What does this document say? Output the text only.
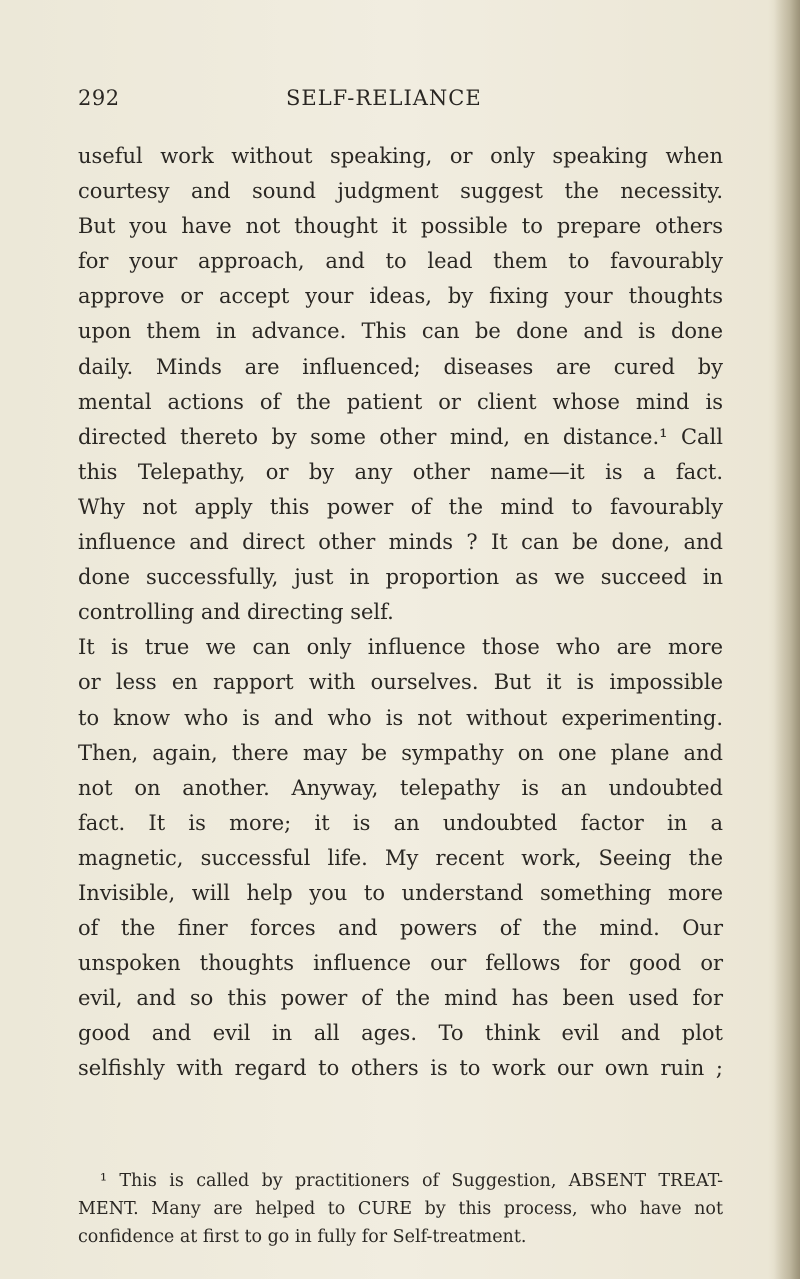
292	SELF-RELIANCE
useful work without speaking, or only speaking when
courtesy and sound judgment suggest the necessity.
But you have not thought it possible to prepare others
for your approach, and to lead them to favourably
approve or accept your ideas, by fixing your thoughts
upon them in advance. This can be done and is done
daily. Minds are influenced; diseases are cured by
mental actions of the patient or client whose mind is
directed thereto by some other mind, en distance.¹ Call
this Telepathy, or by any other name—it is a fact.
Why not apply this power of the mind to favourably
influence and direct other minds ? It can be done, and
done successfully, just in proportion as we succeed in
controlling and directing self.
It is true we can only influence those who are more
or less en rapport with ourselves. But it is impossible
to know who is and who is not without experimenting.
Then, again, there may be sympathy on one plane and
not on another. Anyway, telepathy is an undoubted
fact. It is more; it is an undoubted factor in a
magnetic, successful life. My recent work, Seeing the
Invisible, will help you to understand something more
of the finer forces and powers of the mind. Our
unspoken thoughts influence our fellows for good or
evil, and so this power of the mind has been used for
good and evil in all ages. To think evil and plot
selfishly with regard to others is to work our own ruin ;
¹ This is called by practitioners of Suggestion, ABSENT TREAT-
MENT. Many are helped to CURE by this process, who have not
confidence at first to go in fully for Self-treatment.
